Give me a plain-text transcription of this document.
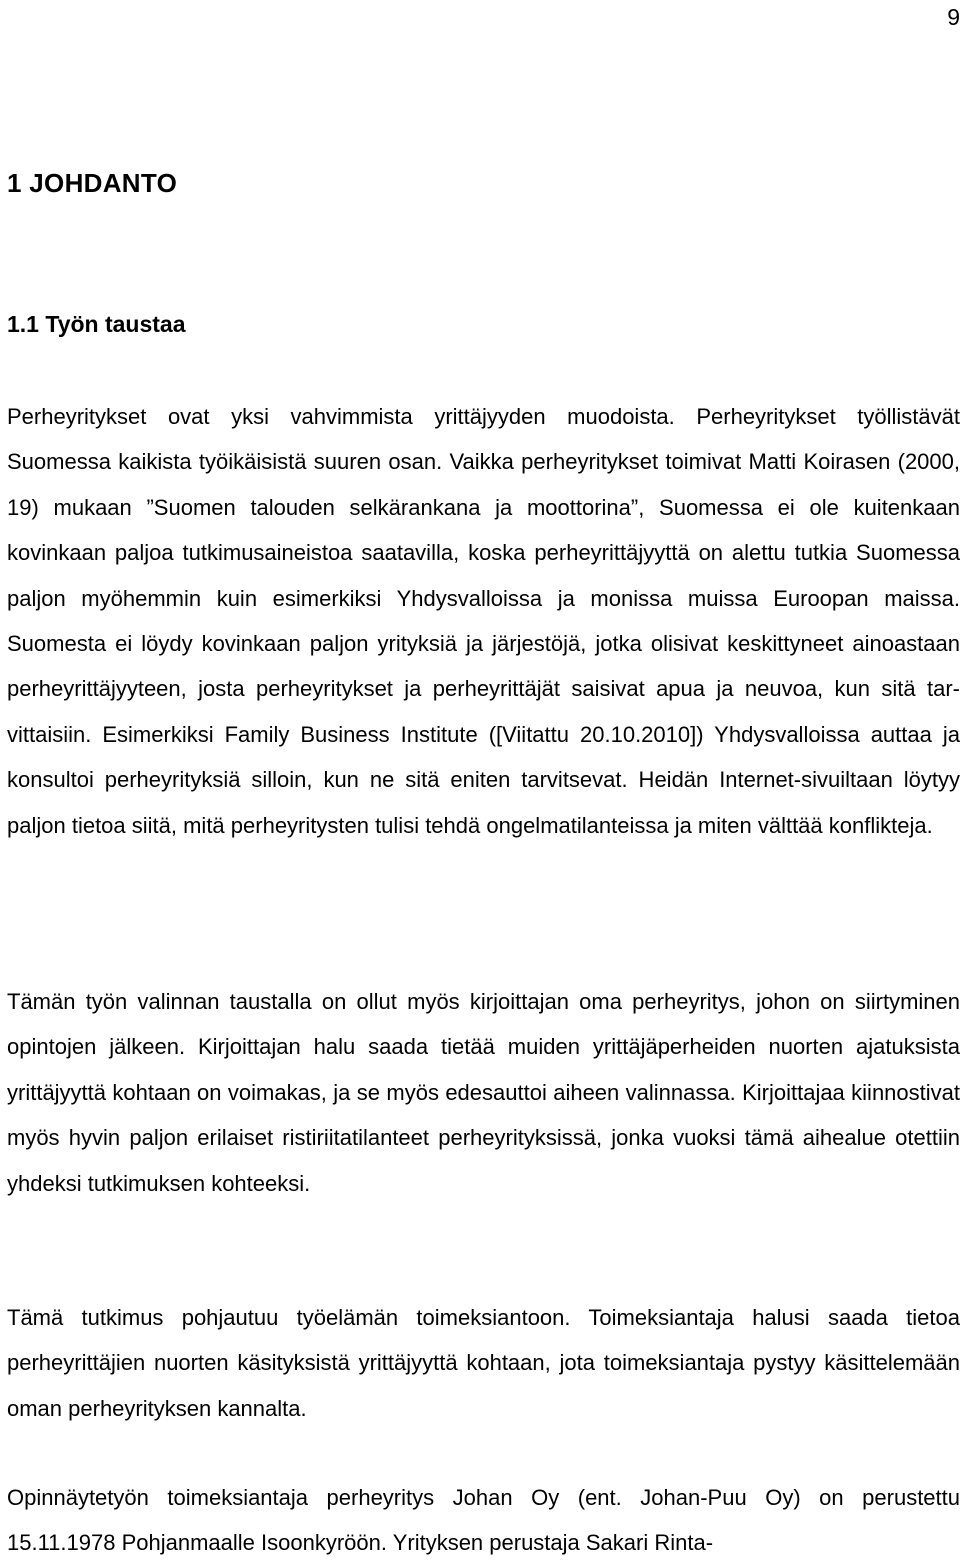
9
1 JOHDANTO
1.1 Työn taustaa

Perheyritykset ovat yksi vahvimmista yrittäjyyden muodoista. Perheyritykset työllistävät Suomessa kaikista työikäisistä suuren osan. Vaikka perheyritykset toimivat Matti Koirasen (2000, 19) mukaan ”Suomen talouden selkärankana ja moottorina”, Suomessa ei ole kuitenkaan kovinkaan paljoa tutkimusaineistoa saatavilla, koska perheyrittäjyyttä on alettu tutkia Suomessa paljon myöhemmin kuin esimerkiksi Yhdysvalloissa ja monissa muissa Euroopan maissa. Suomesta ei löydy kovinkaan paljon yrityksiä ja järjestöjä, jotka olisivat keskittyneet ainoastaan perheyrittäjyyteen, josta perheyritykset ja perheyrittäjät saisivat apua ja neuvoa, kun sitä tarvittaisiin. Esimerkiksi Family Business Institute ([Viitattu 20.10.2010]) Yhdysvalloissa auttaa ja konsultoi perheyrityksiä silloin, kun ne sitä eniten tarvitsevat. Heidän Internet-sivuiltaan löytyy paljon tietoa siitä, mitä perheyritysten tulisi tehdä ongelmatilanteissa ja miten välttää konflikteja.

Tämän työn valinnan taustalla on ollut myös kirjoittajan oma perheyritys, johon on siirtyminen opintojen jälkeen. Kirjoittajan halu saada tietää muiden yrittäjäperheiden nuorten ajatuksista yrittäjyyttä kohtaan on voimakas, ja se myös edesauttoi aiheen valinnassa. Kirjoittajaa kiinnostivat myös hyvin paljon erilaiset ristiriitatilanteet perheyrityksissä, jonka vuoksi tämä aihealue otettiin yhdeksi tutkimuksen kohteeksi.

Tämä tutkimus pohjautuu työelämän toimeksiantoon. Toimeksiantaja halusi saada tietoa perheyrittäjien nuorten käsityksistä yrittäjyyttä kohtaan, jota toimeksiantaja pystyy käsittelemään oman perheyrityksen kannalta.

Opinnäytetyön toimeksiantaja perheyritys Johan Oy (ent. Johan-Puu Oy) on perustettu 15.11.1978 Pohjanmaalle Isoonkyröön. Yrityksen perustaja Sakari Rinta-
